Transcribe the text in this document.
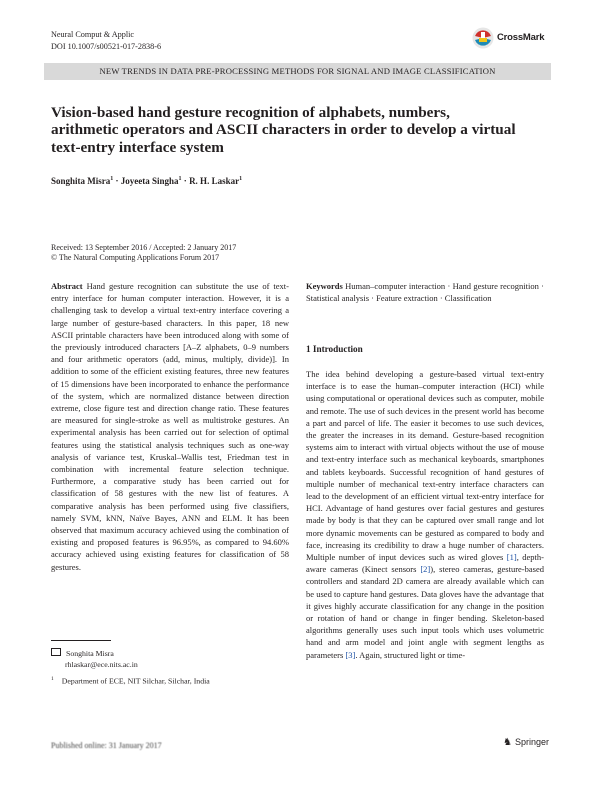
Neural Comput & Applic
DOI 10.1007/s00521-017-2838-6
CrossMark
NEW TRENDS IN DATA PRE-PROCESSING METHODS FOR SIGNAL AND IMAGE CLASSIFICATION
Vision-based hand gesture recognition of alphabets, numbers, arithmetic operators and ASCII characters in order to develop a virtual text-entry interface system
Songhita Misra$^1$ · Joyeeta Singha$^1$ · R. H. Laskar$^1$
Received: 13 September 2016 / Accepted: 2 January 2017
© The Natural Computing Applications Forum 2017
Abstract Hand gesture recognition can substitute the use of text-entry interface for human computer interaction. However, it is a challenging task to develop a virtual text-entry interface covering a large number of gesture-based characters. In this paper, 18 new ASCII printable characters have been introduced along with some of the previously introduced characters [A–Z alphabets, 0–9 numbers and four arithmetic operators (add, minus, multiply, divide)]. In addition to some of the efficient existing features, three new features of 15 dimensions have been incorporated to enhance the performance of the system, which are normalized distance between direction extreme, close figure test and direction change ratio. These features are measured for single-stroke as well as multistroke gestures. An experimental analysis has been carried out for selection of optimal features using the statistical analysis techniques such as one-way analysis of variance test, Kruskal–Wallis test, Friedman test in combination with incremental feature selection technique. Furthermore, a comparative study has been carried out for classification of 58 gestures with the new list of features. A comparative analysis has been performed using five classifiers, namely SVM, kNN, Naïve Bayes, ANN and ELM. It has been observed that maximum accuracy achieved using the combination of existing and proposed features is 96.95%, as compared to 94.60% accuracy achieved using existing features for classification of 58 gestures.
Keywords Human–computer interaction · Hand gesture recognition · Statistical analysis · Feature extraction · Classification
1 Introduction
The idea behind developing a gesture-based virtual text-entry interface is to ease the human–computer interaction (HCI) while using computational or operational devices such as computer, mobile and remote. The use of such devices in the present world has become a part and parcel of life. The easier it becomes to use such devices, the greater the increases in its demand. Gesture-based recognition systems aim to interact with virtual objects without the use of mouse and text-entry interface such as mechanical keyboards, smartphones and tablets keyboards. Successful recognition of hand gestures of multiple number of mechanical text-entry interface characters can lead to the development of an efficient virtual text-entry interface for HCI. Advantage of hand gestures over facial gestures and gestures made by body is that they can be captured over small range and lot more dynamic movements can be gestured as compared to body and face, increasing its credibility to draw a huge number of characters. Multiple number of input devices such as wired gloves [1], depth-aware cameras (Kinect sensors [2]), stereo cameras, gesture-based controllers and standard 2D camera are already available which can be used to capture hand gestures. Data gloves have the advantage that it gives highly accurate classification for any change in the position or rotation of hand or change in finger bending. Skeleton-based algorithms generally uses such input tools which uses volumetric hand and arm model and joint angle with segment lengths as parameters [3]. Again, structured light or time-
Songhita Misra
rhlaskar@ece.nits.ac.in
$^1$ Department of ECE, NIT Silchar, Silchar, India
Published online: 31 January 2017	♞ Springer
